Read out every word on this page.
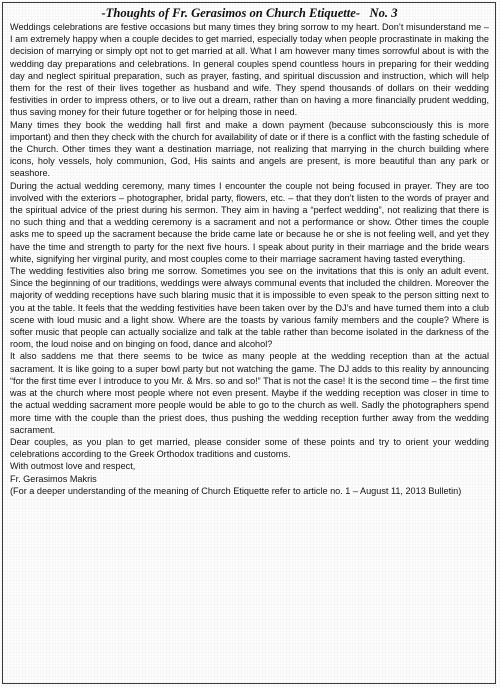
-Thoughts of Fr. Gerasimos on Church Etiquette-   No. 3

Weddings celebrations are festive occasions but many times they bring sorrow to my heart. Don’t misunderstand me – I am extremely happy when a couple decides to get married, especially today when people procrastinate in making the decision of marrying or simply opt not to get married at all. What I am however many times sorrowful about is with the wedding day preparations and celebrations. In general couples spend countless hours in preparing for their wedding day and neglect spiritual preparation, such as prayer, fasting, and spiritual discussion and instruction, which will help them for the rest of their lives together as husband and wife. They spend thousands of dollars on their wedding festivities in order to impress others, or to live out a dream, rather than on having a more financially prudent wedding, thus saving money for their future together or for helping those in need.

Many times they book the wedding hall first and make a down payment (because subconsciously this is more important) and then they check with the church for availability of date or if there is a conflict with the fasting schedule of the Church. Other times they want a destination marriage, not realizing that marrying in the church building where icons, holy vessels, holy communion, God, His saints and angels are present, is more beautiful than any park or seashore.

During the actual wedding ceremony, many times I encounter the couple not being focused in prayer. They are too involved with the exteriors – photographer, bridal party, flowers, etc. – that they don’t listen to the words of prayer and the spiritual advice of the priest during his sermon. They aim in having a “perfect wedding”, not realizing that there is no such thing and that a wedding ceremony is a sacrament and not a performance or show. Other times the couple asks me to speed up the sacrament because the bride came late or because he or she is not feeling well, and yet they have the time and strength to party for the next five hours. I speak about purity in their marriage and the bride wears white, signifying her virginal purity, and most couples come to their marriage sacrament having tasted everything.

The wedding festivities also bring me sorrow. Sometimes you see on the invitations that this is only an adult event. Since the beginning of our traditions, weddings were always communal events that included the children. Moreover the majority of wedding receptions have such blaring music that it is impossible to even speak to the person sitting next to you at the table. It feels that the wedding festivities have been taken over by the DJ’s and have turned them into a club scene with loud music and a light show. Where are the toasts by various family members and the couple? Where is softer music that people can actually socialize and talk at the table rather than become isolated in the darkness of the room, the loud noise and on binging on food, dance and alcohol?

It also saddens me that there seems to be twice as many people at the wedding reception than at the actual sacrament. It is like going to a super bowl party but not watching the game. The DJ adds to this reality by announcing “for the first time ever I introduce to you Mr. & Mrs. so and so!” That is not the case! It is the second time – the first time was at the church where most people where not even present. Maybe if the wedding reception was closer in time to the actual wedding sacrament more people would be able to go to the church as well. Sadly the photographers spend more time with the couple than the priest does, thus pushing the wedding reception further away from the wedding sacrament.

Dear couples, as you plan to get married, please consider some of these points and try to orient your wedding celebrations according to the Greek Orthodox traditions and customs.

With outmost love and respect,

Fr. Gerasimos Makris

(For a deeper understanding of the meaning of Church Etiquette refer to article no. 1 – August 11, 2013 Bulletin)
